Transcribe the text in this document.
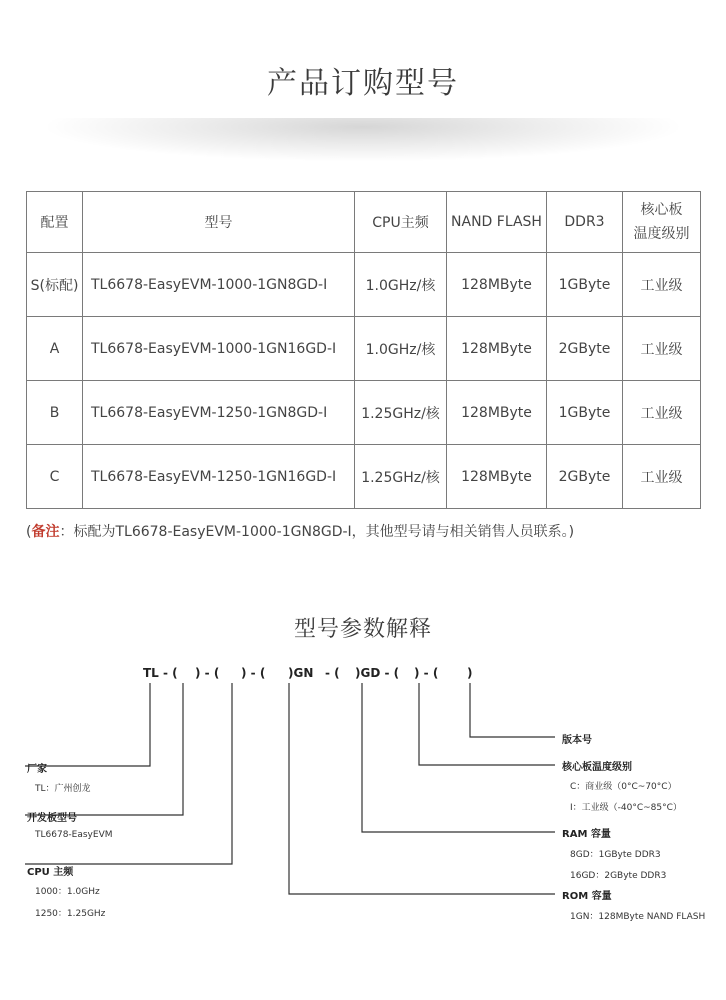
产品订购型号
配置	型号	CPU主频	NAND FLASH	DDR3	核心板
温度级别

S(标配)	TL6678-EasyEVM-1000-1GN8GD-I	1.0GHz/核	128MByte	1GByte	工业级
A	TL6678-EasyEVM-1000-1GN16GD-I	1.0GHz/核	128MByte	2GByte	工业级
B	TL6678-EasyEVM-1250-1GN8GD-I	1.25GHz/核	128MByte	1GByte	工业级
C	TL6678-EasyEVM-1250-1GN16GD-I	1.25GHz/核	128MByte	2GByte	工业级
(备注：标配为TL6678-EasyEVM-1000-1GN8GD-I，其他型号请与相关销售人员联系。)
型号参数解释
TL - ( ) - ( ) - ( )GN - ( )GD - ( ) - ( )
厂家
TL：广州创龙
开发板型号
TL6678-EasyEVM
CPU 主频
1000：1.0GHz
1250：1.25GHz
版本号
核心板温度级别
C：商业级（0°C~70°C）
I：工业级（-40°C~85°C）
RAM 容量
8GD：1GByte DDR3
16GD：2GByte DDR3
ROM 容量
1GN：128MByte NAND FLASH
